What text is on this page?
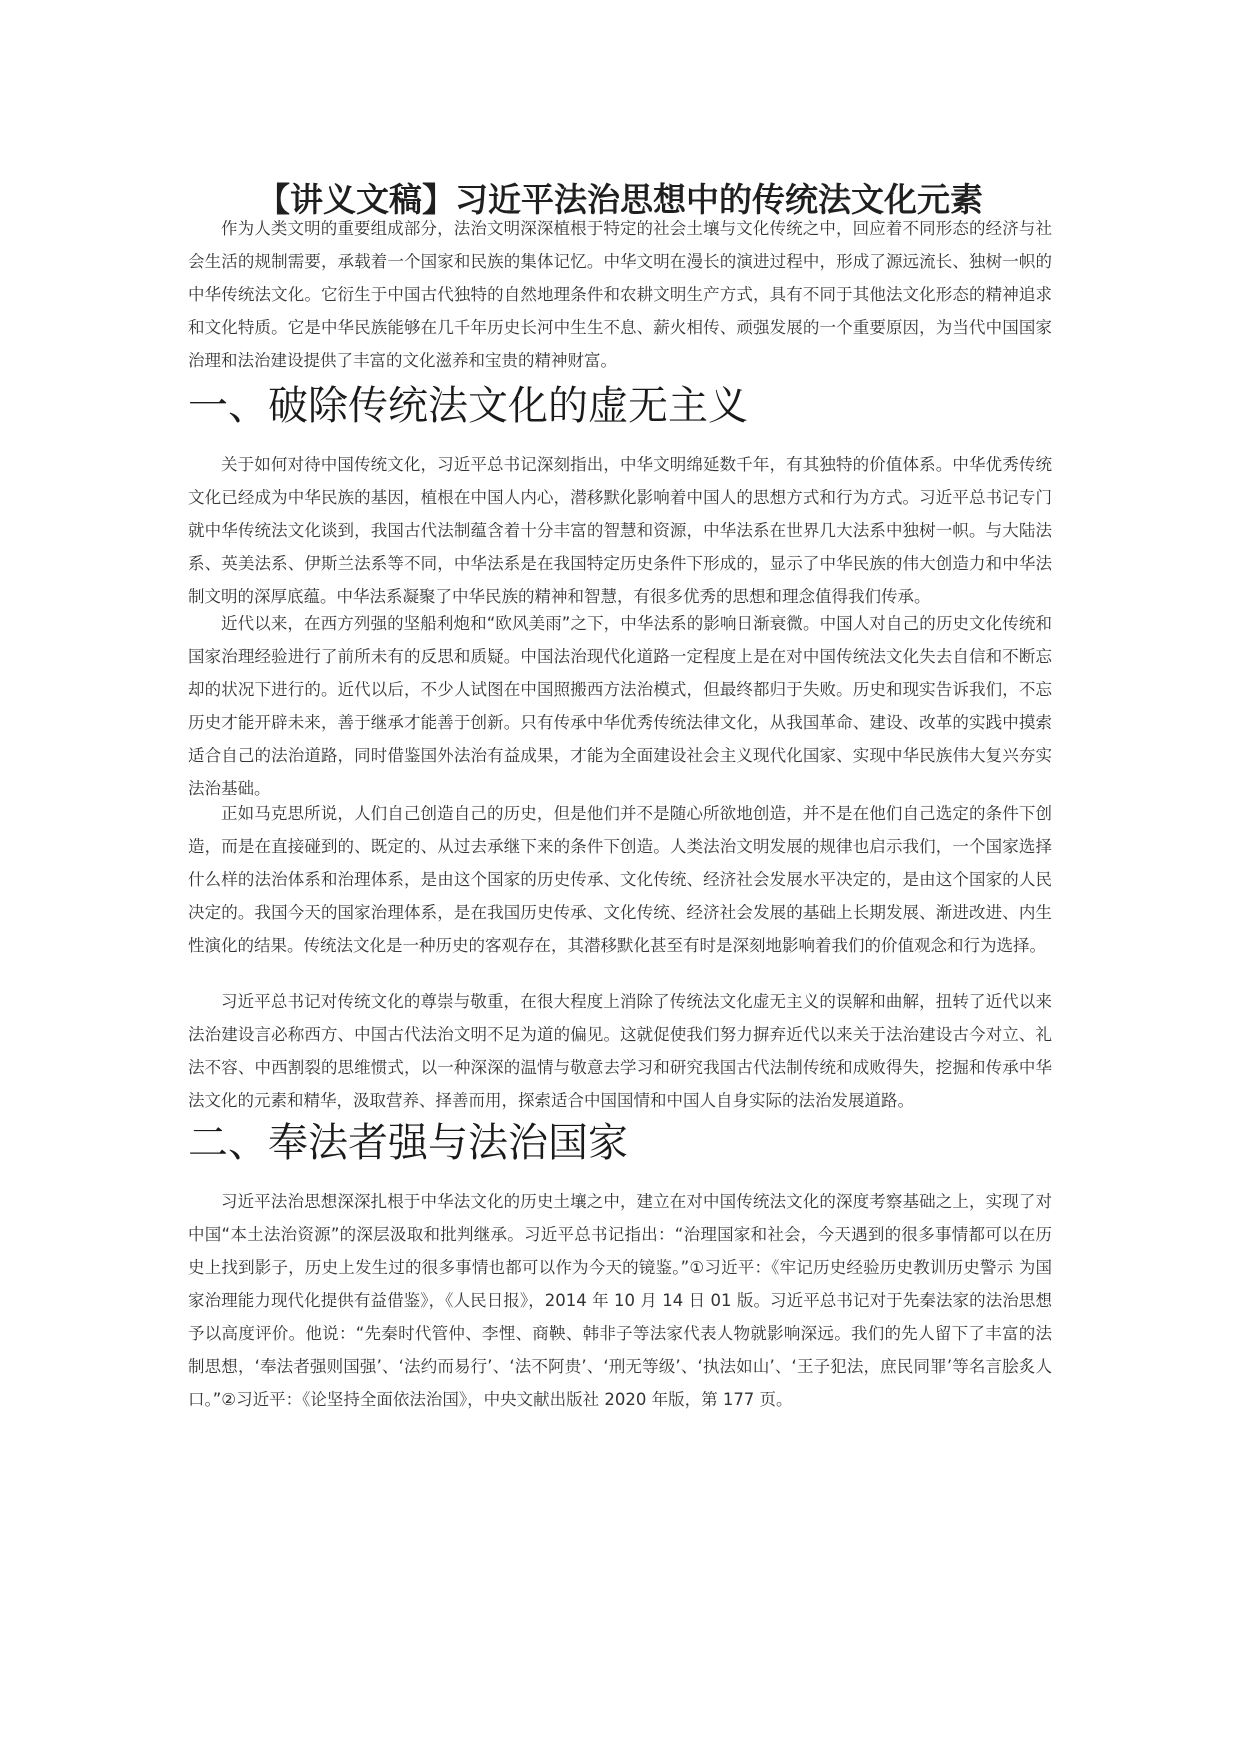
【讲义文稿】习近平法治思想中的传统法文化元素

作为人类文明的重要组成部分，法治文明深深植根于特定的社会土壤与文化传统之中，回应着不同形态的经济与社会生活的规制需要，承载着一个国家和民族的集体记忆。中华文明在漫长的演进过程中，形成了源远流长、独树一帜的中华传统法文化。它衍生于中国古代独特的自然地理条件和农耕文明生产方式，具有不同于其他法文化形态的精神追求和文化特质。它是中华民族能够在几千年历史长河中生生不息、薪火相传、顽强发展的一个重要原因，为当代中国国家治理和法治建设提供了丰富的文化滋养和宝贵的精神财富。

一、破除传统法文化的虚无主义

关于如何对待中国传统文化，习近平总书记深刻指出，中华文明绵延数千年，有其独特的价值体系。中华优秀传统文化已经成为中华民族的基因，植根在中国人内心，潜移默化影响着中国人的思想方式和行为方式。习近平总书记专门就中华传统法文化谈到，我国古代法制蕴含着十分丰富的智慧和资源，中华法系在世界几大法系中独树一帜。与大陆法系、英美法系、伊斯兰法系等不同，中华法系是在我国特定历史条件下形成的，显示了中华民族的伟大创造力和中华法制文明的深厚底蕴。中华法系凝聚了中华民族的精神和智慧，有很多优秀的思想和理念值得我们传承。

近代以来，在西方列强的坚船利炮和“欧风美雨”之下，中华法系的影响日渐衰微。中国人对自己的历史文化传统和国家治理经验进行了前所未有的反思和质疑。中国法治现代化道路一定程度上是在对中国传统法文化失去自信和不断忘却的状况下进行的。近代以后，不少人试图在中国照搬西方法治模式，但最终都归于失败。历史和现实告诉我们，不忘历史才能开辟未来，善于继承才能善于创新。只有传承中华优秀传统法律文化，从我国革命、建设、改革的实践中摸索适合自己的法治道路，同时借鉴国外法治有益成果，才能为全面建设社会主义现代化国家、实现中华民族伟大复兴夯实法治基础。

正如马克思所说，人们自己创造自己的历史，但是他们并不是随心所欲地创造，并不是在他们自己选定的条件下创造，而是在直接碰到的、既定的、从过去承继下来的条件下创造。人类法治文明发展的规律也启示我们，一个国家选择什么样的法治体系和治理体系，是由这个国家的历史传承、文化传统、经济社会发展水平决定的，是由这个国家的人民决定的。我国今天的国家治理体系，是在我国历史传承、文化传统、经济社会发展的基础上长期发展、渐进改进、内生性演化的结果。传统法文化是一种历史的客观存在，其潜移默化甚至有时是深刻地影响着我们的价值观念和行为选择。

习近平总书记对传统文化的尊崇与敬重，在很大程度上消除了传统法文化虚无主义的误解和曲解，扭转了近代以来法治建设言必称西方、中国古代法治文明不足为道的偏见。这就促使我们努力摒弃近代以来关于法治建设古今对立、礼法不容、中西割裂的思维惯式，以一种深深的温情与敬意去学习和研究我国古代法制传统和成败得失，挖掘和传承中华法文化的元素和精华，汲取营养、择善而用，探索适合中国国情和中国人自身实际的法治发展道路。

二、奉法者强与法治国家

习近平法治思想深深扎根于中华法文化的历史土壤之中，建立在对中国传统法文化的深度考察基础之上，实现了对中国“本土法治资源”的深层汲取和批判继承。习近平总书记指出：“治理国家和社会，今天遇到的很多事情都可以在历史上找到影子，历史上发生过的很多事情也都可以作为今天的镜鉴。”①习近平：《牢记历史经验历史教训历史警示 为国家治理能力现代化提供有益借鉴》，《人民日报》，2014 年 10 月 14 日 01 版。习近平总书记对于先秦法家的法治思想予以高度评价。他说：“先秦时代管仲、李悝、商鞅、韩非子等法家代表人物就影响深远。我们的先人留下了丰富的法制思想，‘奉法者强则国强’、‘法约而易行’、‘法不阿贵’、‘刑无等级’、‘执法如山’、‘王子犯法，庶民同罪’等名言脍炙人口。”②习近平：《论坚持全面依法治国》，中央文献出版社 2020 年版，第 177 页。
